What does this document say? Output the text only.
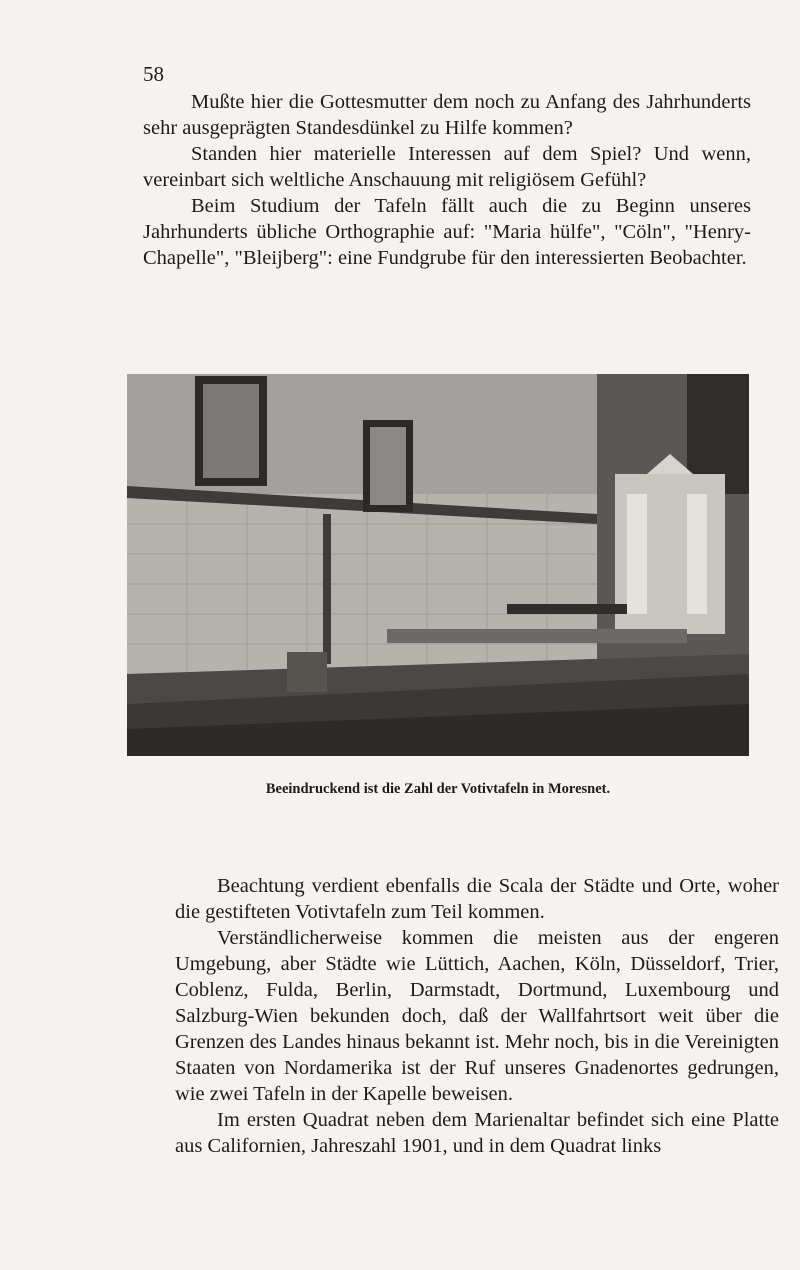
58

Mußte hier die Gottesmutter dem noch zu Anfang des Jahrhunderts sehr ausgeprägten Standesdünkel zu Hilfe kommen?

Standen hier materielle Interessen auf dem Spiel? Und wenn, vereinbart sich weltliche Anschauung mit religiösem Gefühl?

Beim Studium der Tafeln fällt auch die zu Beginn unseres Jahrhunderts übliche Orthographie auf: "Maria hülfe", "Cöln", "Henry-Chapelle", "Bleijberg": eine Fundgrube für den interessierten Beobachter.

Beeindruckend ist die Zahl der Votivtafeln in Moresnet.

Beachtung verdient ebenfalls die Scala der Städte und Orte, woher die gestifteten Votivtafeln zum Teil kommen.

Verständlicherweise kommen die meisten aus der engeren Umgebung, aber Städte wie Lüttich, Aachen, Köln, Düsseldorf, Trier, Coblenz, Fulda, Berlin, Darmstadt, Dortmund, Luxembourg und Salzburg-Wien bekunden doch, daß der Wallfahrtsort weit über die Grenzen des Landes hinaus bekannt ist. Mehr noch, bis in die Vereinigten Staaten von Nordamerika ist der Ruf unseres Gnadenortes gedrungen, wie zwei Tafeln in der Kapelle beweisen.

Im ersten Quadrat neben dem Marienaltar befindet sich eine Platte aus Californien, Jahreszahl 1901, und in dem Quadrat links
